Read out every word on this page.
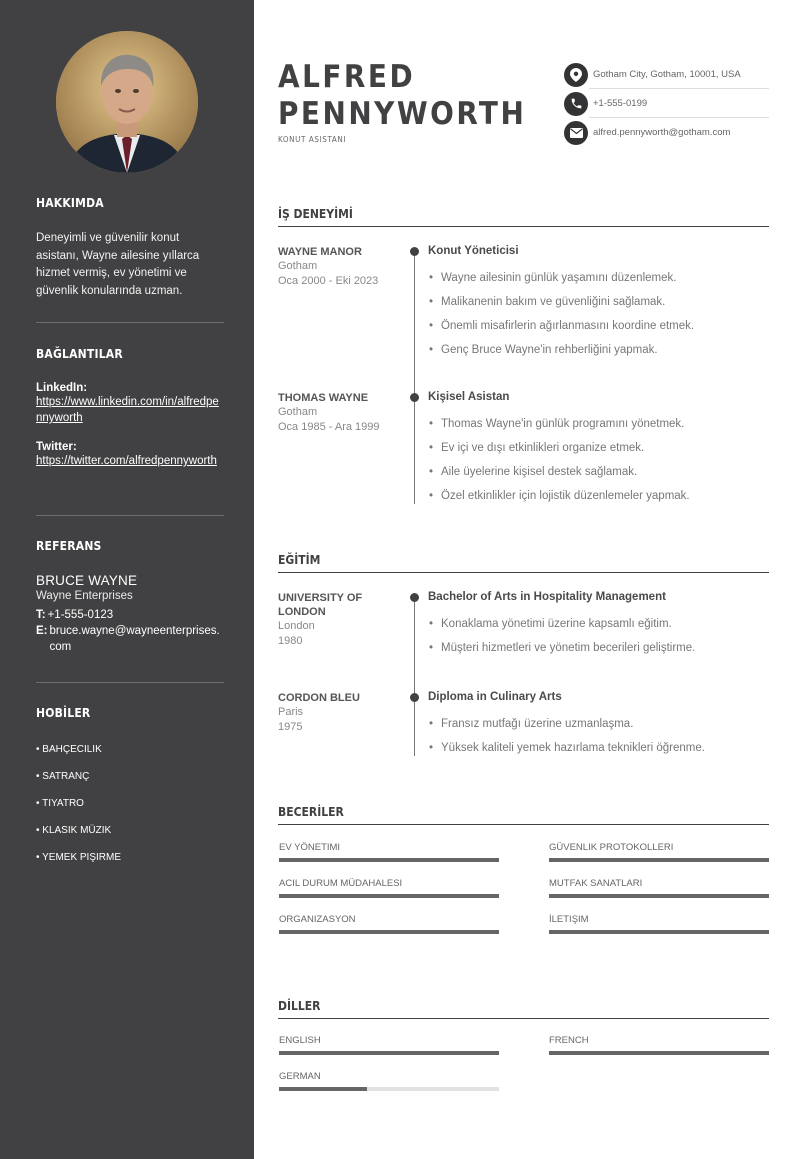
HAKKIMDA
Deneyimli ve güvenilir konut asistanı, Wayne ailesine yıllarca hizmet vermiş, ev yönetimi ve güvenlik konularında uzman.
BAĞLANTILAR
LinkedIn:
https://www.linkedin.com/in/alfredpennyworth
Twitter:
https://twitter.com/alfredpennyworth
REFERANS
BRUCE WAYNE
Wayne Enterprises
T: +1-555-0123
E: bruce.wayne@wayneenterprises.com
HOBİLER
• BAHÇECILIK
• SATRANÇ
• TIYATRO
• KLASIK MÜZIK
• YEMEK PIŞIRME
ALFRED
PENNYWORTH
KONUT ASISTANI
Gotham City, Gotham, 10001, USA
+1-555-0199
alfred.pennyworth@gotham.com
İŞ DENEYİMİ
WAYNE MANOR
Gotham
Oca 2000 - Eki 2023
Konut Yöneticisi
• Wayne ailesinin günlük yaşamını düzenlemek.
• Malikanenin bakım ve güvenliğini sağlamak.
• Önemli misafirlerin ağırlanmasını koordine etmek.
• Genç Bruce Wayne'in rehberliğini yapmak.
THOMAS WAYNE
Gotham
Oca 1985 - Ara 1999
Kişisel Asistan
• Thomas Wayne'in günlük programını yönetmek.
• Ev içi ve dışı etkinlikleri organize etmek.
• Aile üyelerine kişisel destek sağlamak.
• Özel etkinlikler için lojistik düzenlemeler yapmak.
EĞİTİM
UNIVERSITY OF LONDON
London
1980
Bachelor of Arts in Hospitality Management
• Konaklama yönetimi üzerine kapsamlı eğitim.
• Müşteri hizmetleri ve yönetim becerileri geliştirme.
CORDON BLEU
Paris
1975
Diploma in Culinary Arts
• Fransız mutfağı üzerine uzmanlaşma.
• Yüksek kaliteli yemek hazırlama teknikleri öğrenme.
BECERİLER
EV YÖNETIMI	GÜVENLIK PROTOKOLLERI
ACIL DURUM MÜDAHALESI	MUTFAK SANATLARI
ORGANIZASYON	İLETIŞIM
DİLLER
ENGLISH	FRENCH
GERMAN
